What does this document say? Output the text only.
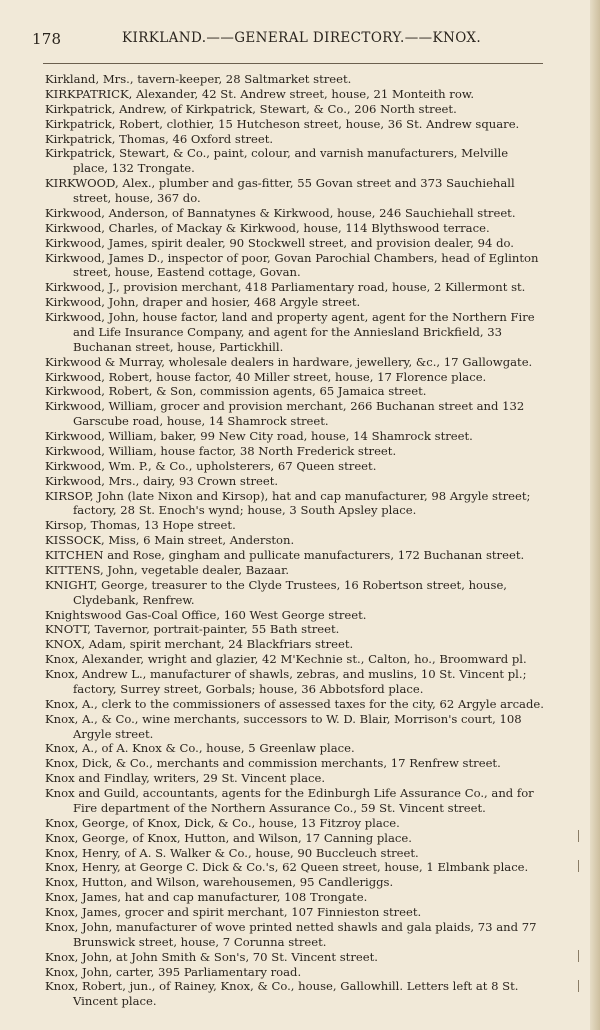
178	KIRKLAND.——GENERAL DIRECTORY.——KNOX.
Kirkland, Mrs., tavern-keeper, 28 Saltmarket street.
KIRKPATRICK, Alexander, 42 St. Andrew street, house, 21 Monteith row.
Kirkpatrick, Andrew, of Kirkpatrick, Stewart, & Co., 206 North street.
Kirkpatrick, Robert, clothier, 15 Hutcheson street, house, 36 St. Andrew square.
Kirkpatrick, Thomas, 46 Oxford street.
Kirkpatrick, Stewart, & Co., paint, colour, and varnish manufacturers, Melville place, 132 Trongate.
KIRKWOOD, Alex., plumber and gas-fitter, 55 Govan street and 373 Sauchiehall street, house, 367 do.
Kirkwood, Anderson, of Bannatynes & Kirkwood, house, 246 Sauchiehall street.
Kirkwood, Charles, of Mackay & Kirkwood, house, 114 Blythswood terrace.
Kirkwood, James, spirit dealer, 90 Stockwell street, and provision dealer, 94 do.
Kirkwood, James D., inspector of poor, Govan Parochial Chambers, head of Eglinton street, house, Eastend cottage, Govan.
Kirkwood, J., provision merchant, 418 Parliamentary road, house, 2 Killermont st.
Kirkwood, John, draper and hosier, 468 Argyle street.
Kirkwood, John, house factor, land and property agent, agent for the Northern Fire and Life Insurance Company, and agent for the Anniesland Brickfield, 33 Buchanan street, house, Partickhill.
Kirkwood & Murray, wholesale dealers in hardware, jewellery, &c., 17 Gallowgate.
Kirkwood, Robert, house factor, 40 Miller street, house, 17 Florence place.
Kirkwood, Robert, & Son, commission agents, 65 Jamaica street.
Kirkwood, William, grocer and provision merchant, 266 Buchanan street and 132 Garscube road, house, 14 Shamrock street.
Kirkwood, William, baker, 99 New City road, house, 14 Shamrock street.
Kirkwood, William, house factor, 38 North Frederick street.
Kirkwood, Wm. P., & Co., upholsterers, 67 Queen street.
Kirkwood, Mrs., dairy, 93 Crown street.
KIRSOP, John (late Nixon and Kirsop), hat and cap manufacturer, 98 Argyle street; factory, 28 St. Enoch's wynd; house, 3 South Apsley place.
Kirsop, Thomas, 13 Hope street.
KISSOCK, Miss, 6 Main street, Anderston.
KITCHEN and Rose, gingham and pullicate manufacturers, 172 Buchanan street.
KITTENS, John, vegetable dealer, Bazaar.
KNIGHT, George, treasurer to the Clyde Trustees, 16 Robertson street, house, Clydebank, Renfrew.
Knightswood Gas-Coal Office, 160 West George street.
KNOTT, Tavernor, portrait-painter, 55 Bath street.
KNOX, Adam, spirit merchant, 24 Blackfriars street.
Knox, Alexander, wright and glazier, 42 M'Kechnie st., Calton, ho., Broomward pl.
Knox, Andrew L., manufacturer of shawls, zebras, and muslins, 10 St. Vincent pl.; factory, Surrey street, Gorbals; house, 36 Abbotsford place.
Knox, A., clerk to the commissioners of assessed taxes for the city, 62 Argyle arcade.
Knox, A., & Co., wine merchants, successors to W. D. Blair, Morrison's court, 108 Argyle street.
Knox, A., of A. Knox & Co., house, 5 Greenlaw place.
Knox, Dick, & Co., merchants and commission merchants, 17 Renfrew street.
Knox and Findlay, writers, 29 St. Vincent place.
Knox and Guild, accountants, agents for the Edinburgh Life Assurance Co., and for Fire department of the Northern Assurance Co., 59 St. Vincent street.
Knox, George, of Knox, Dick, & Co., house, 13 Fitzroy place.
Knox, George, of Knox, Hutton, and Wilson, 17 Canning place.
Knox, Henry, of A. S. Walker & Co., house, 90 Buccleuch street.
Knox, Henry, at George C. Dick & Co.'s, 62 Queen street, house, 1 Elmbank place.
Knox, Hutton, and Wilson, warehousemen, 95 Candleriggs.
Knox, James, hat and cap manufacturer, 108 Trongate.
Knox, James, grocer and spirit merchant, 107 Finnieston street.
Knox, John, manufacturer of wove printed netted shawls and gala plaids, 73 and 77 Brunswick street, house, 7 Corunna street.
Knox, John, at John Smith & Son's, 70 St. Vincent street.
Knox, John, carter, 395 Parliamentary road.
Knox, Robert, jun., of Rainey, Knox, & Co., house, Gallowhill. Letters left at 8 St. Vincent place.
